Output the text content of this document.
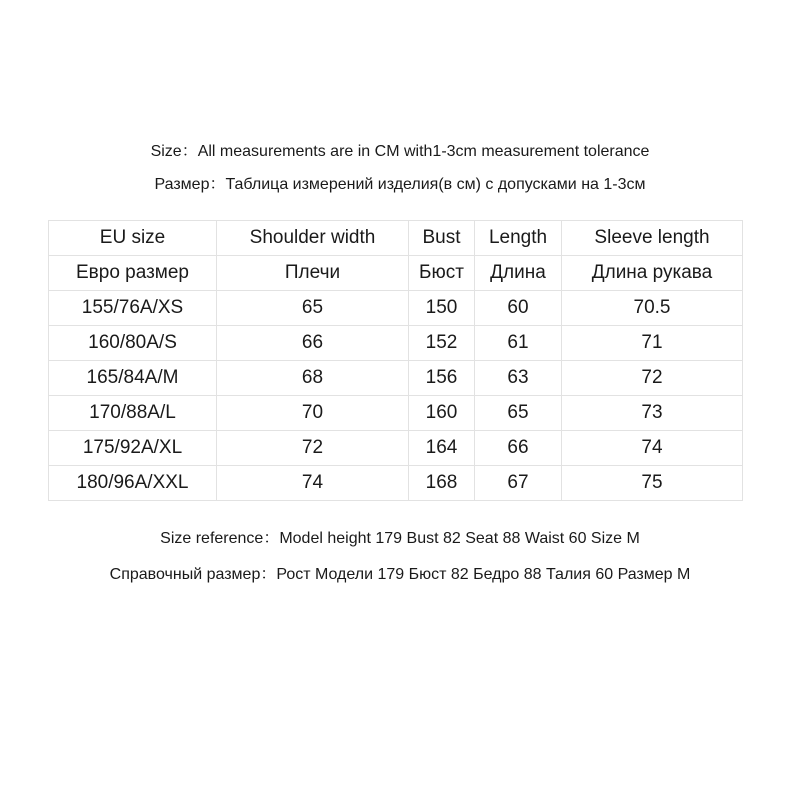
Size：All measurements are in CM with1-3cm measurement tolerance
Размер：Таблица измерений изделия(в см) с допусками на 1-3см
EU size	Shoulder width	Bust	Length	Sleeve length
Евро размер	Плечи	Бюст	Длина	Длина рукава
155/76A/XS	65	150	60	70.5
160/80A/S	66	152	61	71
165/84A/M	68	156	63	72
170/88A/L	70	160	65	73
175/92A/XL	72	164	66	74
180/96A/XXL	74	168	67	75
Size reference：Model height 179 Bust 82 Seat 88 Waist 60 Size M
Справочный размер：Рост Модели 179 Бюст 82 Бедро 88 Талия 60 Размер М
